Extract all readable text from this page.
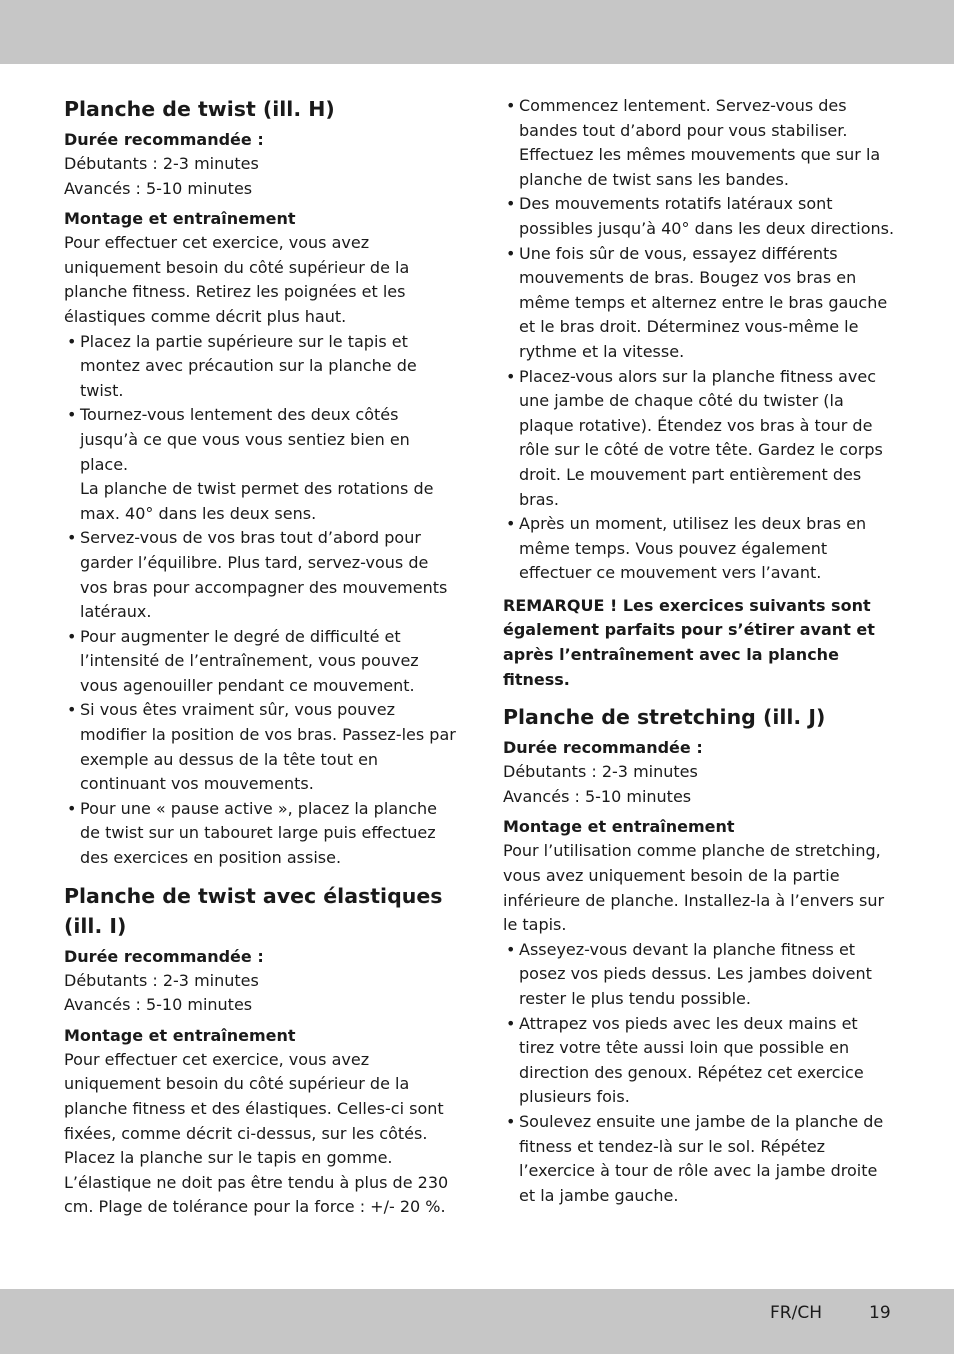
Planche de twist (ill. H)
Durée recommandée :

Débutants : 2-3 minutes

Avancés : 5-10 minutes

Montage et entraînement

Pour effectuer cet exercice, vous avez uniquement besoin du côté supérieur de la planche fitness. Retirez les poignées et les élastiques comme décrit plus haut.

• Placez la partie supérieure sur le tapis et montez avec précaution sur la planche de twist.
• Tournez-vous lentement des deux côtés jusqu’à ce que vous vous sentiez bien en place.
La planche de twist permet des rotations de max. 40° dans les deux sens.
• Servez-vous de vos bras tout d’abord pour garder l’équilibre. Plus tard, servez-vous de vos bras pour accompagner des mouvements latéraux.
• Pour augmenter le degré de difficulté et l’intensité de l’entraînement, vous pouvez vous agenouiller pendant ce mouvement.
• Si vous êtes vraiment sûr, vous pouvez modifier la position de vos bras. Passez-les par exemple au dessus de la tête tout en continuant vos mouvements.
• Pour une « pause active », placez la planche de twist sur un tabouret large puis effectuez des exercices en position assise.
Planche de twist avec élastiques (ill. I)
Durée recommandée :

Débutants : 2-3 minutes

Avancés : 5-10 minutes

Montage et entraînement

Pour effectuer cet exercice, vous avez uniquement besoin du côté supérieur de la planche fitness et des élastiques. Celles-ci sont fixées, comme décrit ci-dessus, sur les côtés. Placez la planche sur le tapis en gomme.

L’élastique ne doit pas être tendu à plus de 230 cm. Plage de tolérance pour la force : +/- 20 %.

• Commencez lentement. Servez-vous des bandes tout d’abord pour vous stabiliser. Effectuez les mêmes mouvements que sur la planche de twist sans les bandes.
• Des mouvements rotatifs latéraux sont possibles jusqu’à 40° dans les deux directions.
• Une fois sûr de vous, essayez différents mouvements de bras. Bougez vos bras en même temps et alternez entre le bras gauche et le bras droit. Déterminez vous-même le rythme et la vitesse.
• Placez-vous alors sur la planche fitness avec une jambe de chaque côté du twister (la plaque rotative). Étendez vos bras à tour de rôle sur le côté de votre tête. Gardez le corps droit. Le mouvement part entièrement des bras.
• Après un moment, utilisez les deux bras en même temps. Vous pouvez également effectuer ce mouvement vers l’avant.

REMARQUE ! Les exercices suivants sont également parfaits pour s’étirer avant et après l’entraînement avec la planche fitness.

Planche de stretching (ill. J)
Durée recommandée :

Débutants : 2-3 minutes

Avancés : 5-10 minutes

Montage et entraînement

Pour l’utilisation comme planche de stretching, vous avez uniquement besoin de la partie inférieure de planche. Installez-la à l’envers sur le tapis.

• Asseyez-vous devant la planche fitness et posez vos pieds dessus. Les jambes doivent rester le plus tendu possible.
• Attrapez vos pieds avec les deux mains et tirez votre tête aussi loin que possible en direction des genoux. Répétez cet exercice plusieurs fois.
• Soulevez ensuite une jambe de la planche de fitness et tendez-là sur le sol. Répétez l’exercice à tour de rôle avec la jambe droite et la jambe gauche.
FR/CH	19
